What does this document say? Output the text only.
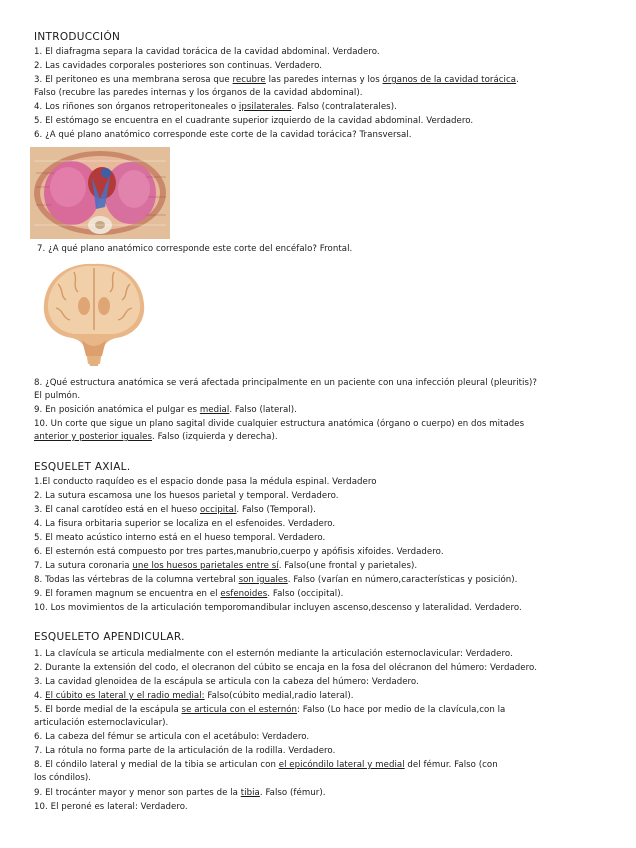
INTRODUCCIÓN
1. El diafragma separa la cavidad torácica de la cavidad abdominal. Verdadero.
2. Las cavidades corporales posteriores son continuas. Verdadero.
3. El peritoneo es una membrana serosa que recubre las paredes internas y los órganos de la cavidad torácica.
Falso (recubre las paredes internas y los órganos de la cavidad abdominal).
4. Los riñones son órganos retroperitoneales o ipsilaterales. Falso (contralaterales).
5. El estómago se encuentra en el cuadrante superior izquierdo de la cavidad abdominal. Verdadero.
6. ¿A qué plano anatómico corresponde este corte de la cavidad torácica? Transversal.
7. ¿A qué plano anatómico corresponde este corte del encéfalo? Frontal.
8. ¿Qué estructura anatómica se verá afectada principalmente en un paciente con una infección pleural (pleuritis)?
El pulmón.
9. En posición anatómica el pulgar es medial. Falso (lateral).
10. Un corte que sigue un plano sagital divide cualquier estructura anatómica (órgano o cuerpo) en dos mitades
anterior y posterior iguales. Falso (izquierda y derecha).
ESQUELET AXIAL.
1.El conducto raquídeo es el espacio donde pasa la médula espinal. Verdadero
2. La sutura escamosa une los huesos parietal y temporal. Verdadero.
3. El canal carotídeo está en el hueso occipital. Falso (Temporal).
4. La fisura orbitaria superior se localiza en el esfenoides. Verdadero.
5. El meato acústico interno está en el hueso temporal. Verdadero.
6. El esternón está compuesto por tres partes,manubrio,cuerpo y apófisis xifoides. Verdadero.
7. La sutura coronaria une los huesos parietales entre sí. Falso(une frontal y parietales).
8. Todas las vértebras de la columna vertebral son iguales. Falso (varían en número,características y posición).
9. El foramen magnum se encuentra en el esfenoides. Falso (occipital).
10. Los movimientos de la articulación temporomandibular incluyen ascenso,descenso y lateralidad. Verdadero.
ESQUELETO APENDICULAR.
1. La clavícula se articula medialmente con el esternón mediante la articulación esternoclavicular: Verdadero.
2. Durante la extensión del codo, el olecranon del cúbito se encaja en la fosa del olécranon del húmero: Verdadero.
3. La cavidad glenoidea de la escápula se articula con la cabeza del húmero: Verdadero.
4. El cúbito es lateral y el radio medial: Falso(cúbito medial,radio lateral).
5. El borde medial de la escápula se articula con el esternón: Falso (Lo hace por medio de la clavícula,con la
articulación esternoclavicular).
6. La cabeza del fémur se articula con el acetábulo: Verdadero.
7. La rótula no forma parte de la articulación de la rodilla. Verdadero.
8. El cóndilo lateral y medial de la tibia se articulan con el epicóndilo lateral y medial del fémur. Falso (con
los cóndilos).
9. El trocánter mayor y menor son partes de la tibia. Falso (fémur).
10. El peroné es lateral: Verdadero.
